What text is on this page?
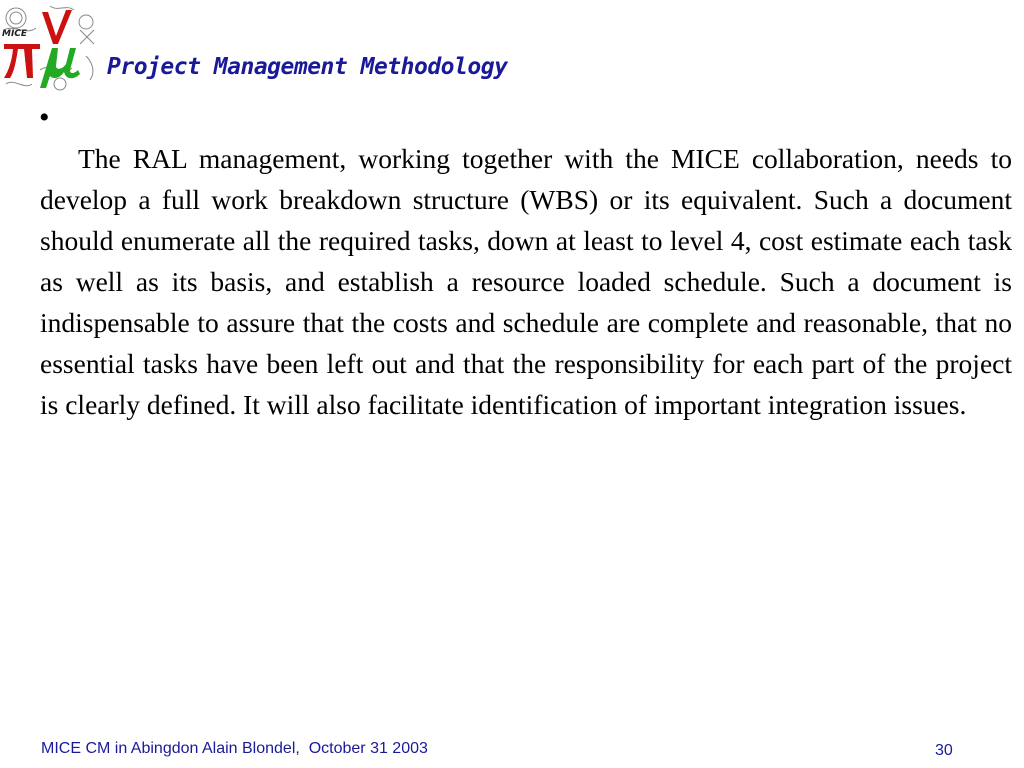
MICE
Project Management Methodology
•

The RAL management, working together with the MICE collaboration, needs to develop a full work breakdown structure (WBS) or its equivalent. Such a document should enumerate all the required tasks, down at least to level 4, cost estimate each task as well as its basis, and establish a resource loaded schedule. Such a document is indispensable to assure that the costs and schedule are complete and reasonable, that no essential tasks have been left out and that the responsibility for each part of the project is clearly defined. It will also facilitate identification of important integration issues.

MICE CM in Abingdon Alain Blondel,  October 31 2003	30
